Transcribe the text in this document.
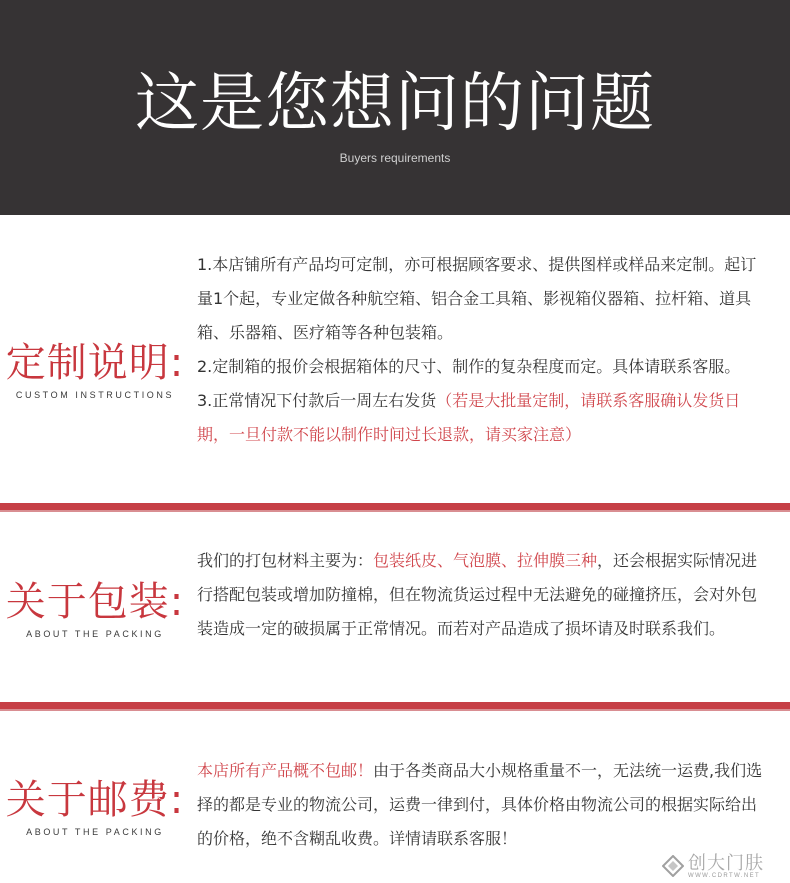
这是您想问的问题
Buyers requirements
定制说明:
CUSTOM INSTRUCTIONS

1.本店铺所有产品均可定制，亦可根据顾客要求、提供图样或样品来定制。起订量1个起，专业定做各种航空箱、铝合金工具箱、影视箱仪器箱、拉杆箱、道具箱、乐器箱、医疗箱等各种包装箱。

2.定制箱的报价会根据箱体的尺寸、制作的复杂程度而定。具体请联系客服。

3.正常情况下付款后一周左右发货（若是大批量定制，请联系客服确认发货日期，一旦付款不能以制作时间过长退款，请买家注意）

关于包装:
ABOUT THE PACKING

我们的打包材料主要为：包装纸皮、气泡膜、拉伸膜三种，还会根据实际情况进行搭配包装或增加防撞棉，但在物流货运过程中无法避免的碰撞挤压，会对外包装造成一定的破损属于正常情况。而若对产品造成了损坏请及时联系我们。

关于邮费:
ABOUT THE PACKING

本店所有产品概不包邮！由于各类商品大小规格重量不一，无法统一运费,我们选择的都是专业的物流公司，运费一律到付，具体价格由物流公司的根据实际给出的价格，绝不含糊乱收费。详情请联系客服！

创大门肤
WWW.CDRTW.NET
